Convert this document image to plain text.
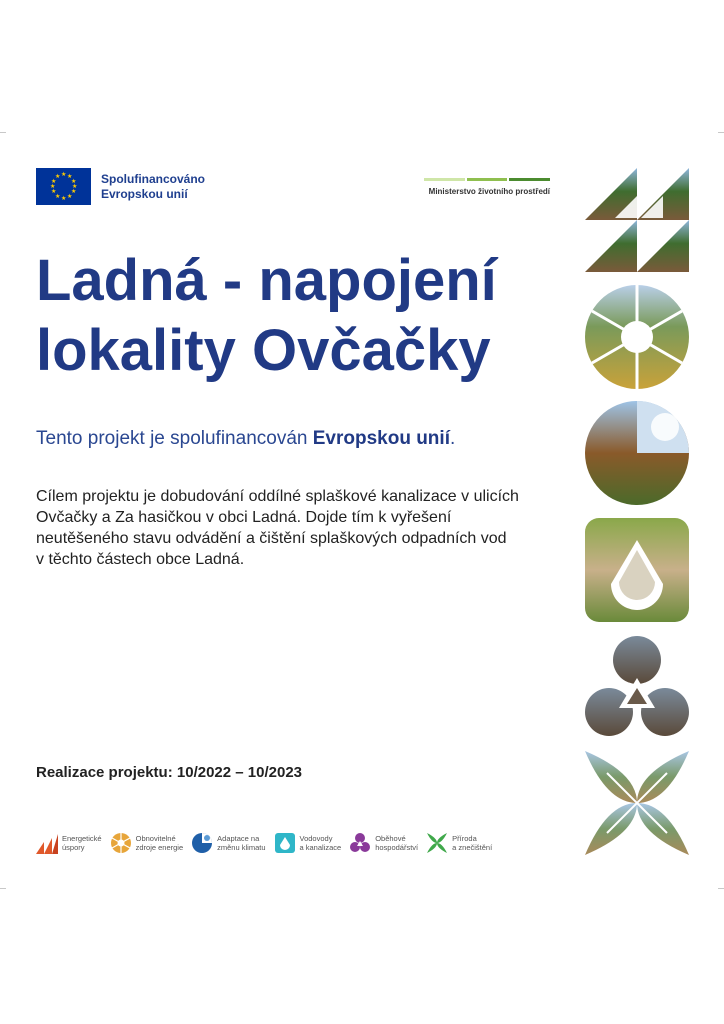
★ ★
★
★
★
★
★
★
★
★
★
★	Spolufinancováno
Evropskou unií	Ministerstvo životního prostředí
Ladná - napojení
lokality Ovčačky
Tento projekt je spolufinancován Evropskou unií.
Cílem projektu je dobudování oddílné splaškové kanalizace v ulicích
Ovčačky a Za hasičkou v obci Ladná. Dojde tím k vyřešení
neutěšeného stavu odvádění a čištění splaškových odpadních vod
v těchto částech obce Ladná.
Realizace projektu: 10/2022 – 10/2023
Energetické
úspory
Obnovitelné
zdroje energie
Adaptace na
změnu klimatu
Vodovody
a kanalizace
Oběhové
hospodářství
Příroda
a znečištění
